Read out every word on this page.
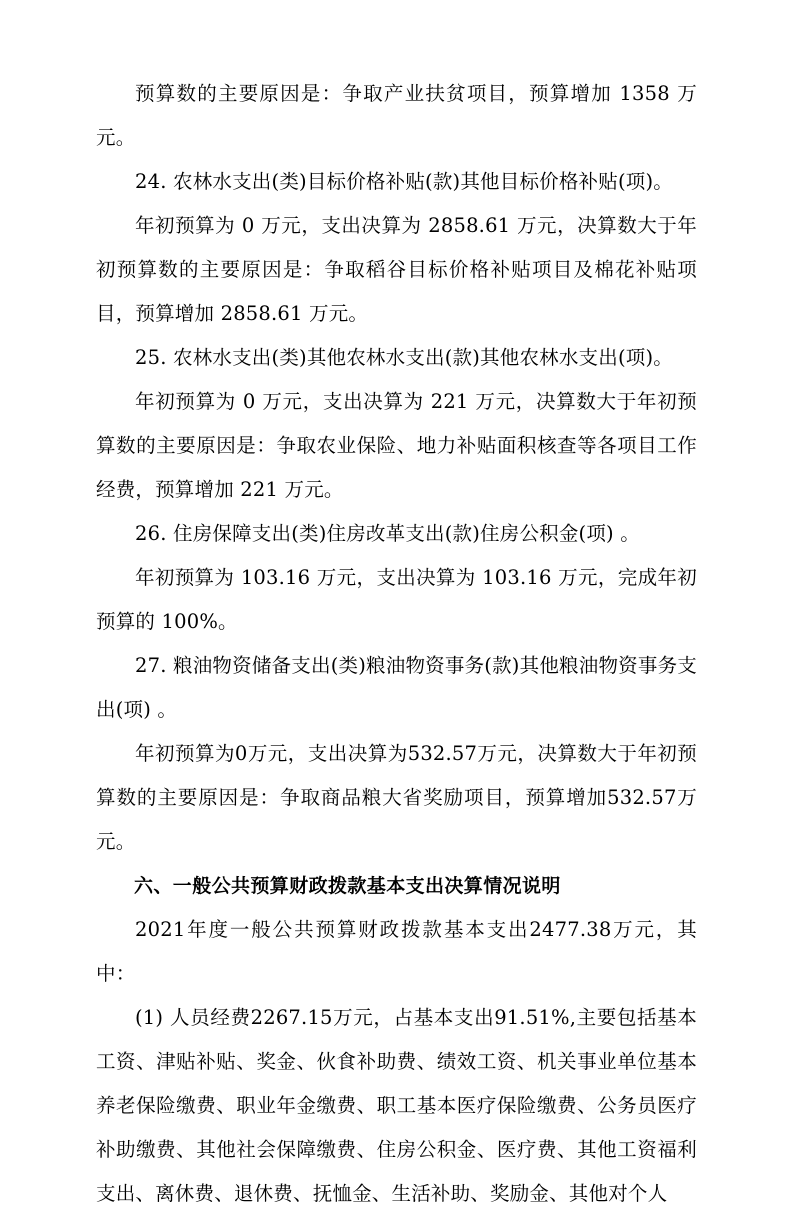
预算数的主要原因是：争取产业扶贫项目，预算增加 1358 万元。

24. 农林水支出(类)目标价格补贴(款)其他目标价格补贴(项)。

年初预算为 0 万元，支出决算为 2858.61 万元，决算数大于年初预算数的主要原因是：争取稻谷目标价格补贴项目及棉花补贴项目，预算增加 2858.61 万元。

25. 农林水支出(类)其他农林水支出(款)其他农林水支出(项)。

年初预算为 0 万元，支出决算为 221 万元，决算数大于年初预算数的主要原因是：争取农业保险、地力补贴面积核查等各项目工作经费，预算增加 221 万元。

26. 住房保障支出(类)住房改革支出(款)住房公积金(项) 。

年初预算为 103.16 万元，支出决算为 103.16 万元，完成年初预算的 100%。

27. 粮油物资储备支出(类)粮油物资事务(款)其他粮油物资事务支出(项) 。

年初预算为0万元，支出决算为532.57万元，决算数大于年初预算数的主要原因是：争取商品粮大省奖励项目，预算增加532.57万元。

六、一般公共预算财政拨款基本支出决算情况说明

2021年度一般公共预算财政拨款基本支出2477.38万元，其中：

(1) 人员经费2267.15万元，占基本支出91.51%,主要包括基本工资、津贴补贴、奖金、伙食补助费、绩效工资、机关事业单位基本养老保险缴费、职业年金缴费、职工基本医疗保险缴费、公务员医疗补助缴费、其他社会保障缴费、住房公积金、医疗费、其他工资福利支出、离休费、退休费、抚恤金、生活补助、奖励金、其他对个人
